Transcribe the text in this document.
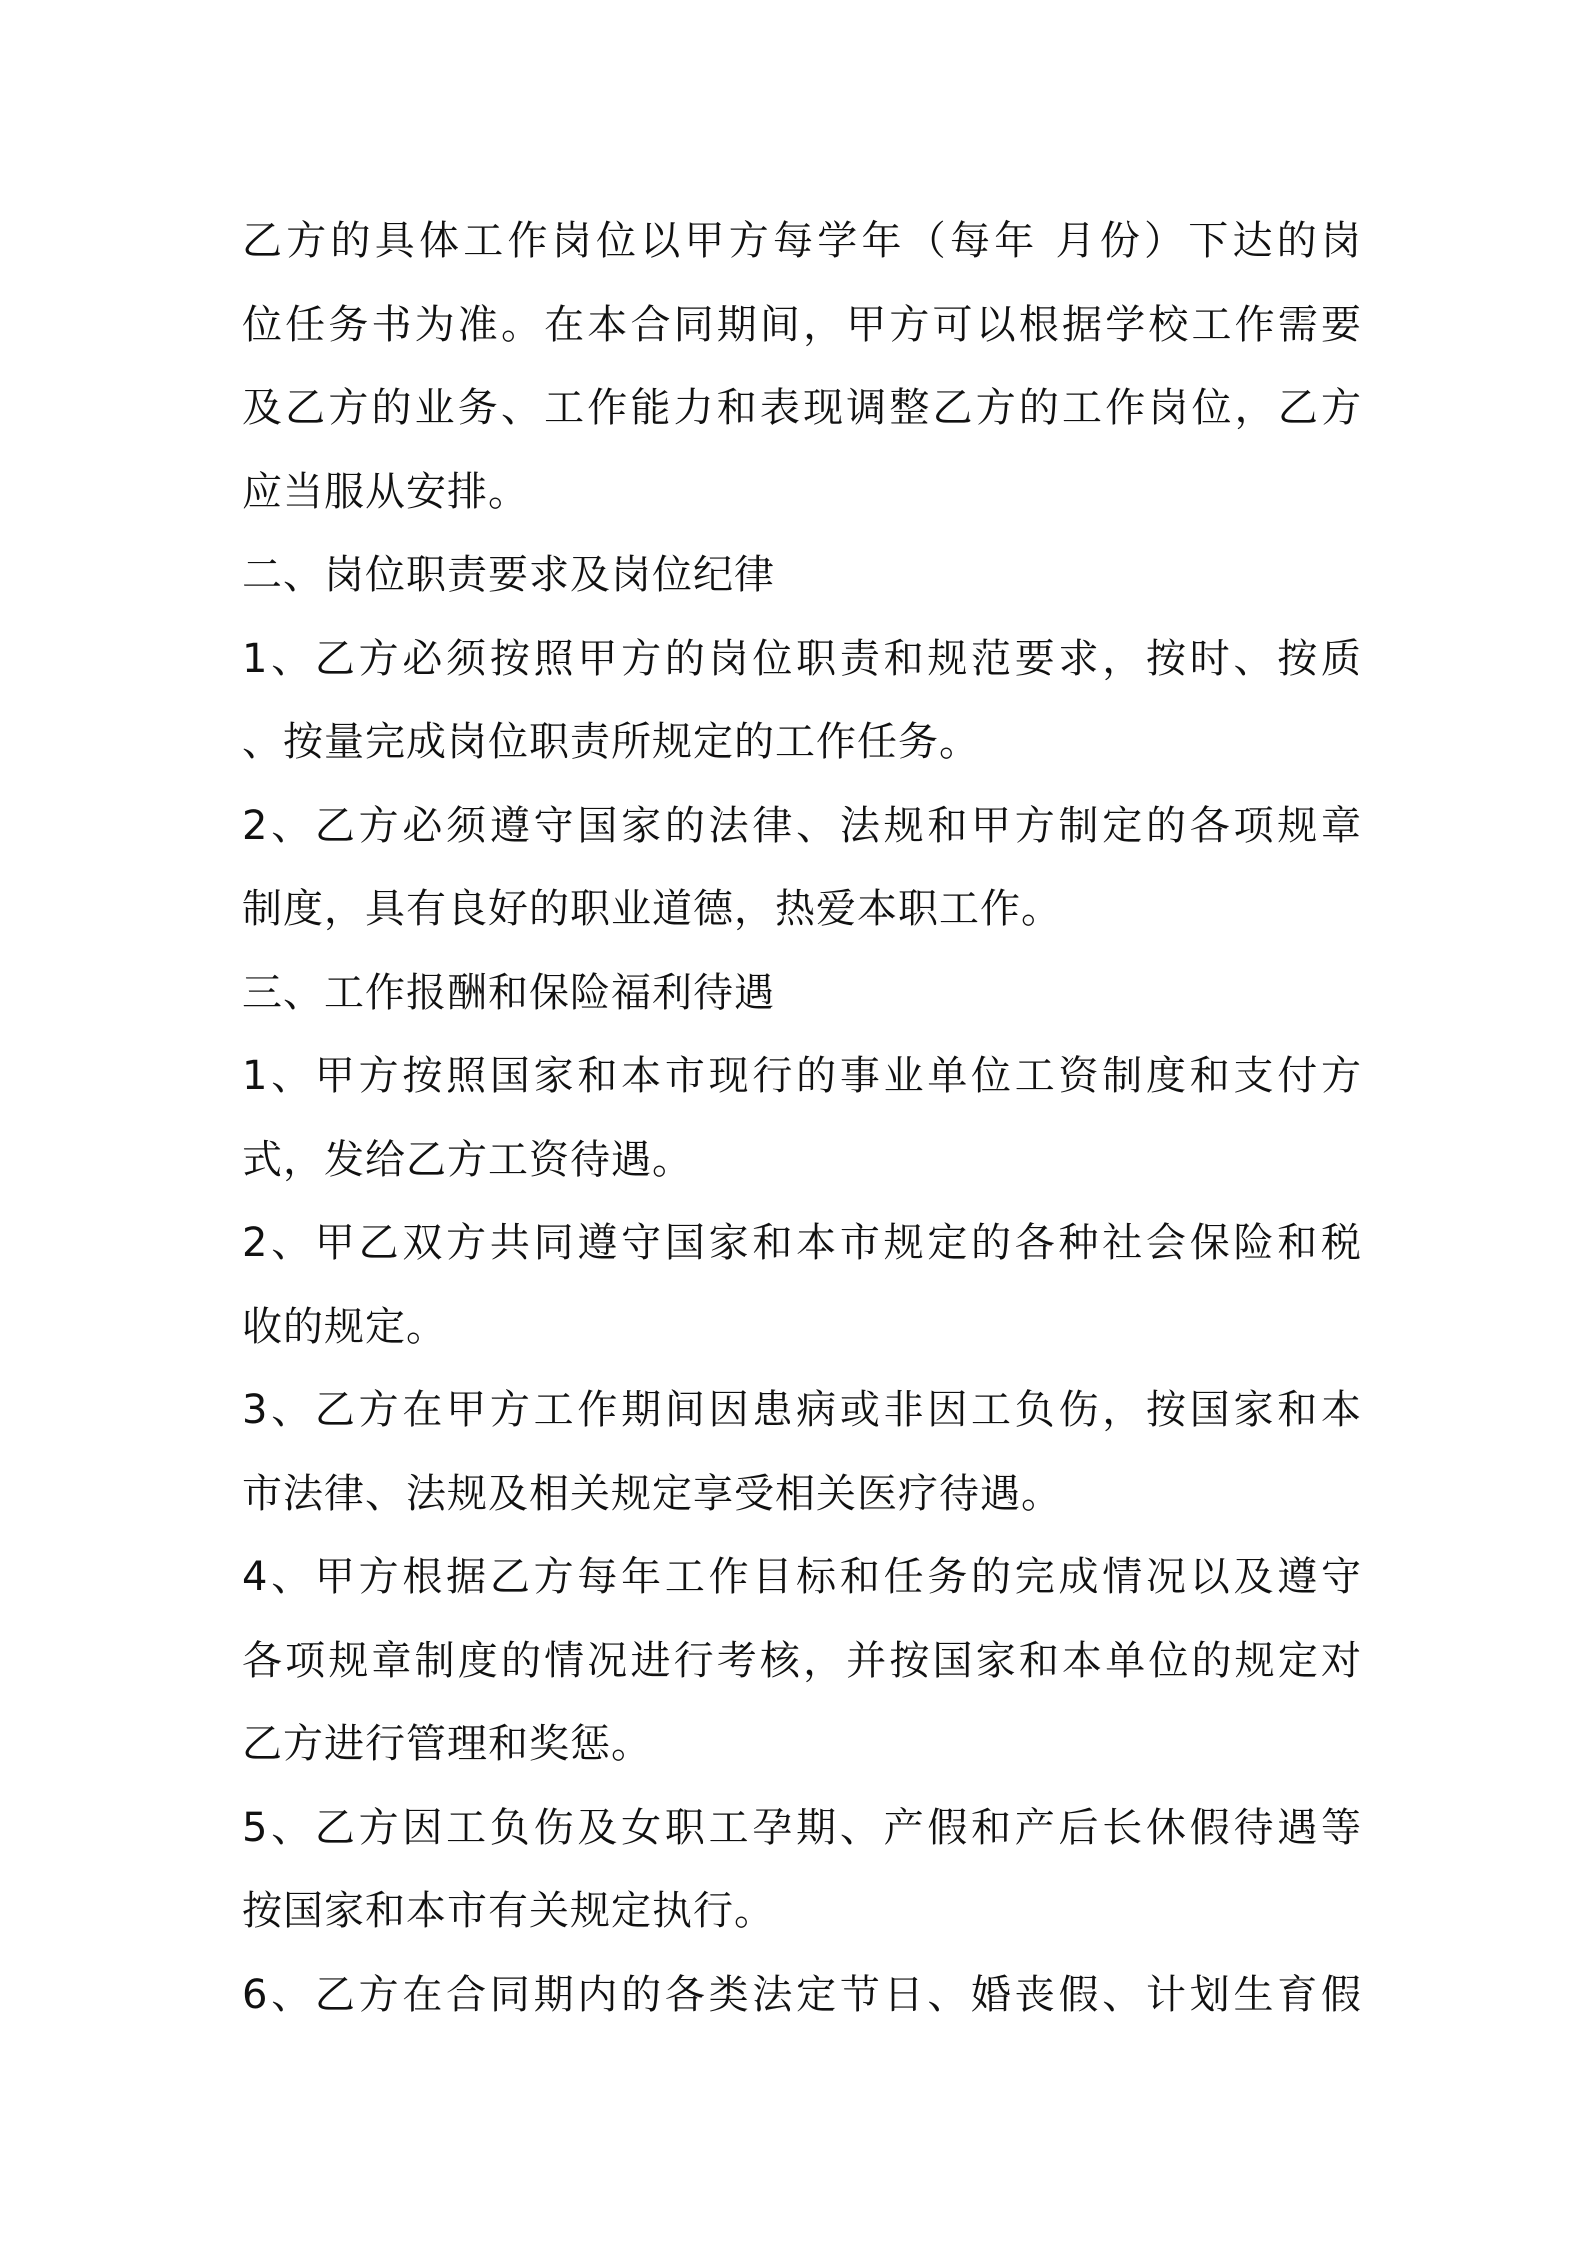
乙方的具体工作岗位以甲方每学年（每年 月份）下达的岗
位任务书为准。在本合同期间，甲方可以根据学校工作需要
及乙方的业务、工作能力和表现调整乙方的工作岗位，乙方
应当服从安排。
二、岗位职责要求及岗位纪律
1、乙方必须按照甲方的岗位职责和规范要求，按时、按质
、按量完成岗位职责所规定的工作任务。
2、乙方必须遵守国家的法律、法规和甲方制定的各项规章
制度，具有良好的职业道德，热爱本职工作。
三、工作报酬和保险福利待遇
1、甲方按照国家和本市现行的事业单位工资制度和支付方
式，发给乙方工资待遇。
2、甲乙双方共同遵守国家和本市规定的各种社会保险和税
收的规定。
3、乙方在甲方工作期间因患病或非因工负伤，按国家和本
市法律、法规及相关规定享受相关医疗待遇。
4、甲方根据乙方每年工作目标和任务的完成情况以及遵守
各项规章制度的情况进行考核，并按国家和本单位的规定对
乙方进行管理和奖惩。
5、乙方因工负伤及女职工孕期、产假和产后长休假待遇等
按国家和本市有关规定执行。
6、乙方在合同期内的各类法定节日、婚丧假、计划生育假
